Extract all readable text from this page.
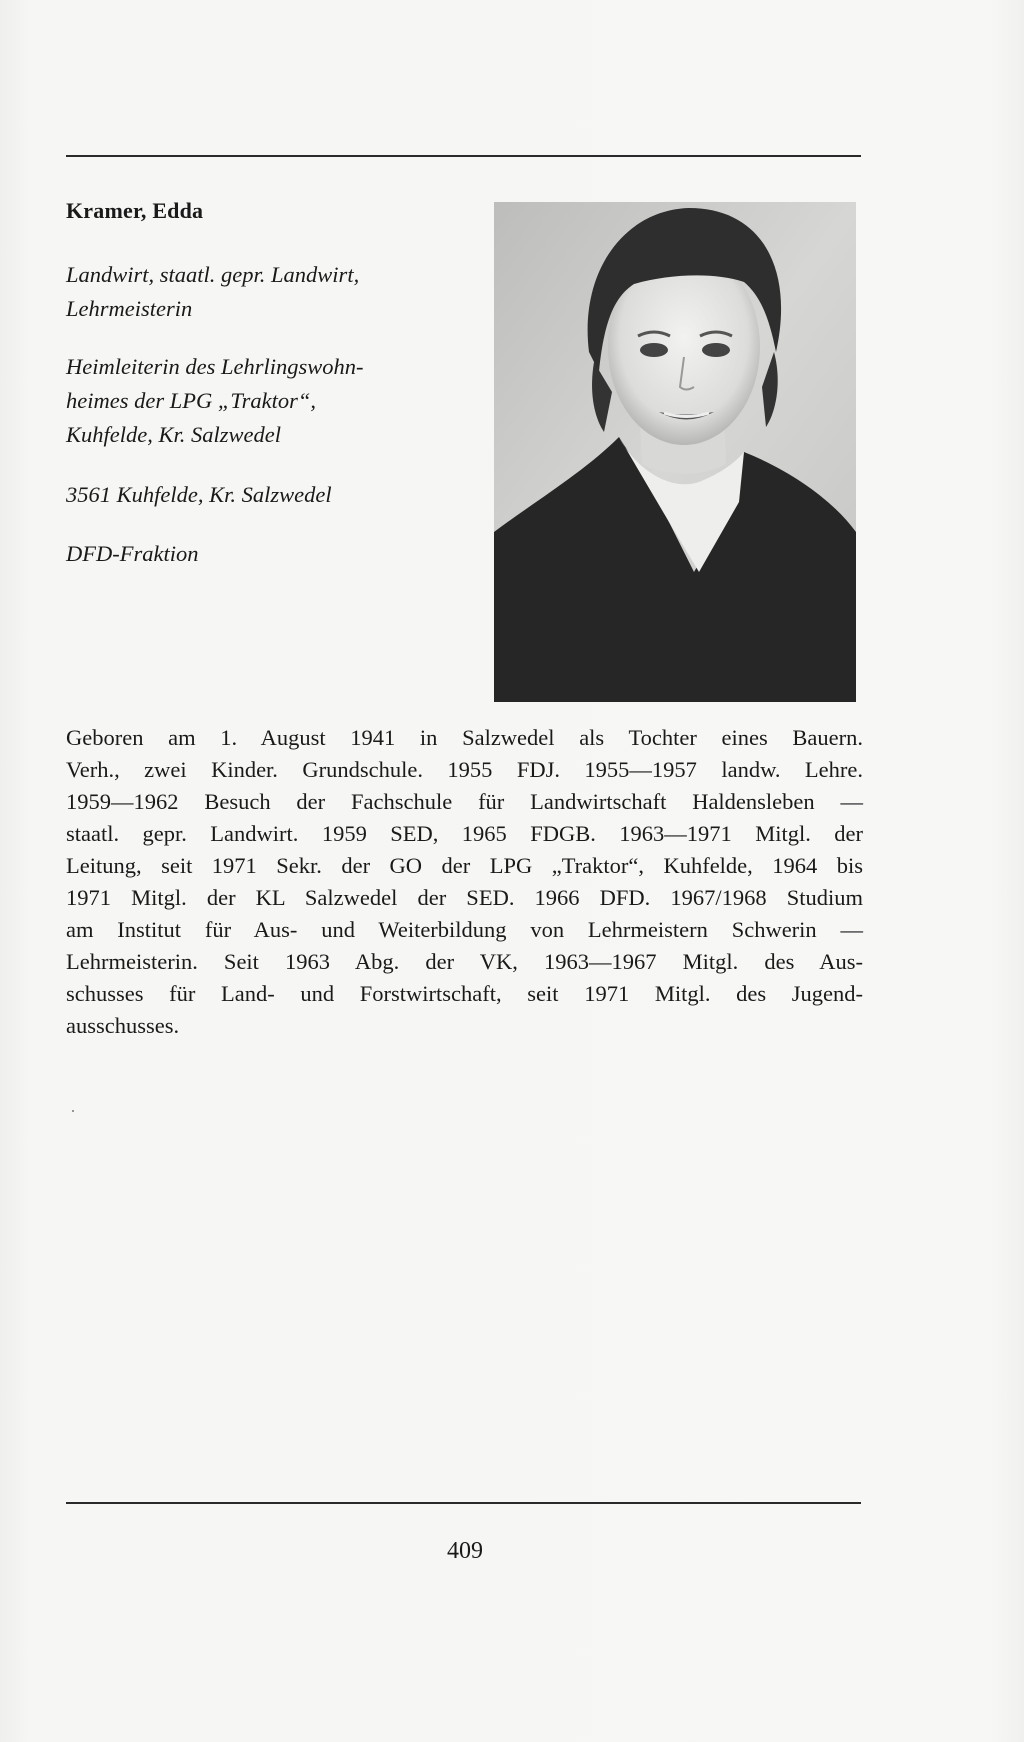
Kramer, Edda
Landwirt, staatl. gepr. Landwirt,
Lehrmeisterin
Heimleiterin des Lehrlingswohn-
heimes der LPG „Traktor“,
Kuhfelde, Kr. Salzwedel
3561 Kuhfelde, Kr. Salzwedel
DFD-Fraktion
Geboren am 1. August 1941 in Salzwedel als Tochter eines Bauern.
Verh., zwei Kinder. Grundschule. 1955 FDJ. 1955—1957 landw. Lehre.
1959—1962 Besuch der Fachschule für Landwirtschaft Haldensleben —
staatl. gepr. Landwirt. 1959 SED, 1965 FDGB. 1963—1971 Mitgl. der
Leitung, seit 1971 Sekr. der GO der LPG „Traktor“, Kuhfelde, 1964 bis
1971 Mitgl. der KL Salzwedel der SED. 1966 DFD. 1967/1968 Studium
am Institut für Aus- und Weiterbildung von Lehrmeistern Schwerin —
Lehrmeisterin. Seit 1963 Abg. der VK, 1963—1967 Mitgl. des Aus-
schusses für Land- und Forstwirtschaft, seit 1971 Mitgl. des Jugend-
ausschusses.
409
